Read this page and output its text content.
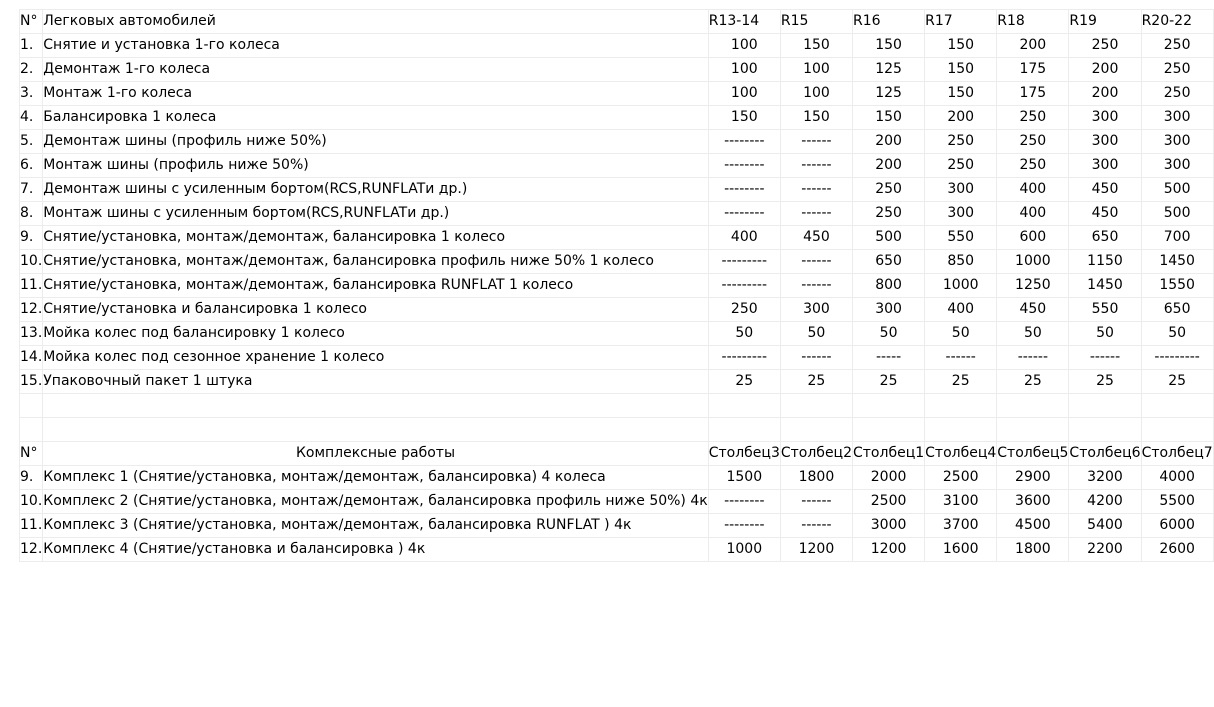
N°	Легковых автомобилей	R13-14	R15	R16	R17	R18	R19	R20-22
1.	Снятие и установка 1-го колеса	100	150	150	150	200	250	250
2.	Демонтаж 1-го колеса	100	100	125	150	175	200	250
3.	Монтаж 1-го колеса	100	100	125	150	175	200	250
4.	Балансировка 1 колеса	150	150	150	200	250	300	300
5.	Демонтаж шины (профиль ниже 50%)	--------	------	200	250	250	300	300
6.	Монтаж шины (профиль ниже 50%)	--------	------	200	250	250	300	300
7.	Демонтаж шины с усиленным бортом(RCS,RUNFLATи др.)	--------	------	250	300	400	450	500
8.	Монтаж шины с усиленным бортом(RCS,RUNFLATи др.)	--------	------	250	300	400	450	500
9.	Снятие/установка, монтаж/демонтаж, балансировка 1 колесо	400	450	500	550	600	650	700
10.	Снятие/установка, монтаж/демонтаж, балансировка профиль ниже 50% 1 колесо	---------	------	650	850	1000	1150	1450
11.	Снятие/установка, монтаж/демонтаж, балансировка RUNFLAT 1 колесо	---------	------	800	1000	1250	1450	1550
12.	Снятие/установка и балансировка 1 колесо	250	300	300	400	450	550	650
13.	Мойка колес под балансировку 1 колесо	50	50	50	50	50	50	50
14.	Мойка колес под сезонное хранение 1 колесо	---------	------	-----	------	------	------	---------
15.	Упаковочный пакет 1 штука	25	25	25	25	25	25	25

N°	Комплексные работы	Столбец3	Столбец2	Столбец1	Столбец4	Столбец5	Столбец6	Столбец7
9.	Комплекс 1 (Снятие/установка, монтаж/демонтаж, балансировка) 4 колеса	1500	1800	2000	2500	2900	3200	4000
10.	Комплекс 2 (Снятие/установка, монтаж/демонтаж, балансировка профиль ниже 50%) 4к	--------	------	2500	3100	3600	4200	5500
11.	Комплекс 3 (Снятие/установка, монтаж/демонтаж, балансировка RUNFLAT ) 4к	--------	------	3000	3700	4500	5400	6000
12.	Комплекс 4 (Снятие/установка и балансировка ) 4к	1000	1200	1200	1600	1800	2200	2600
